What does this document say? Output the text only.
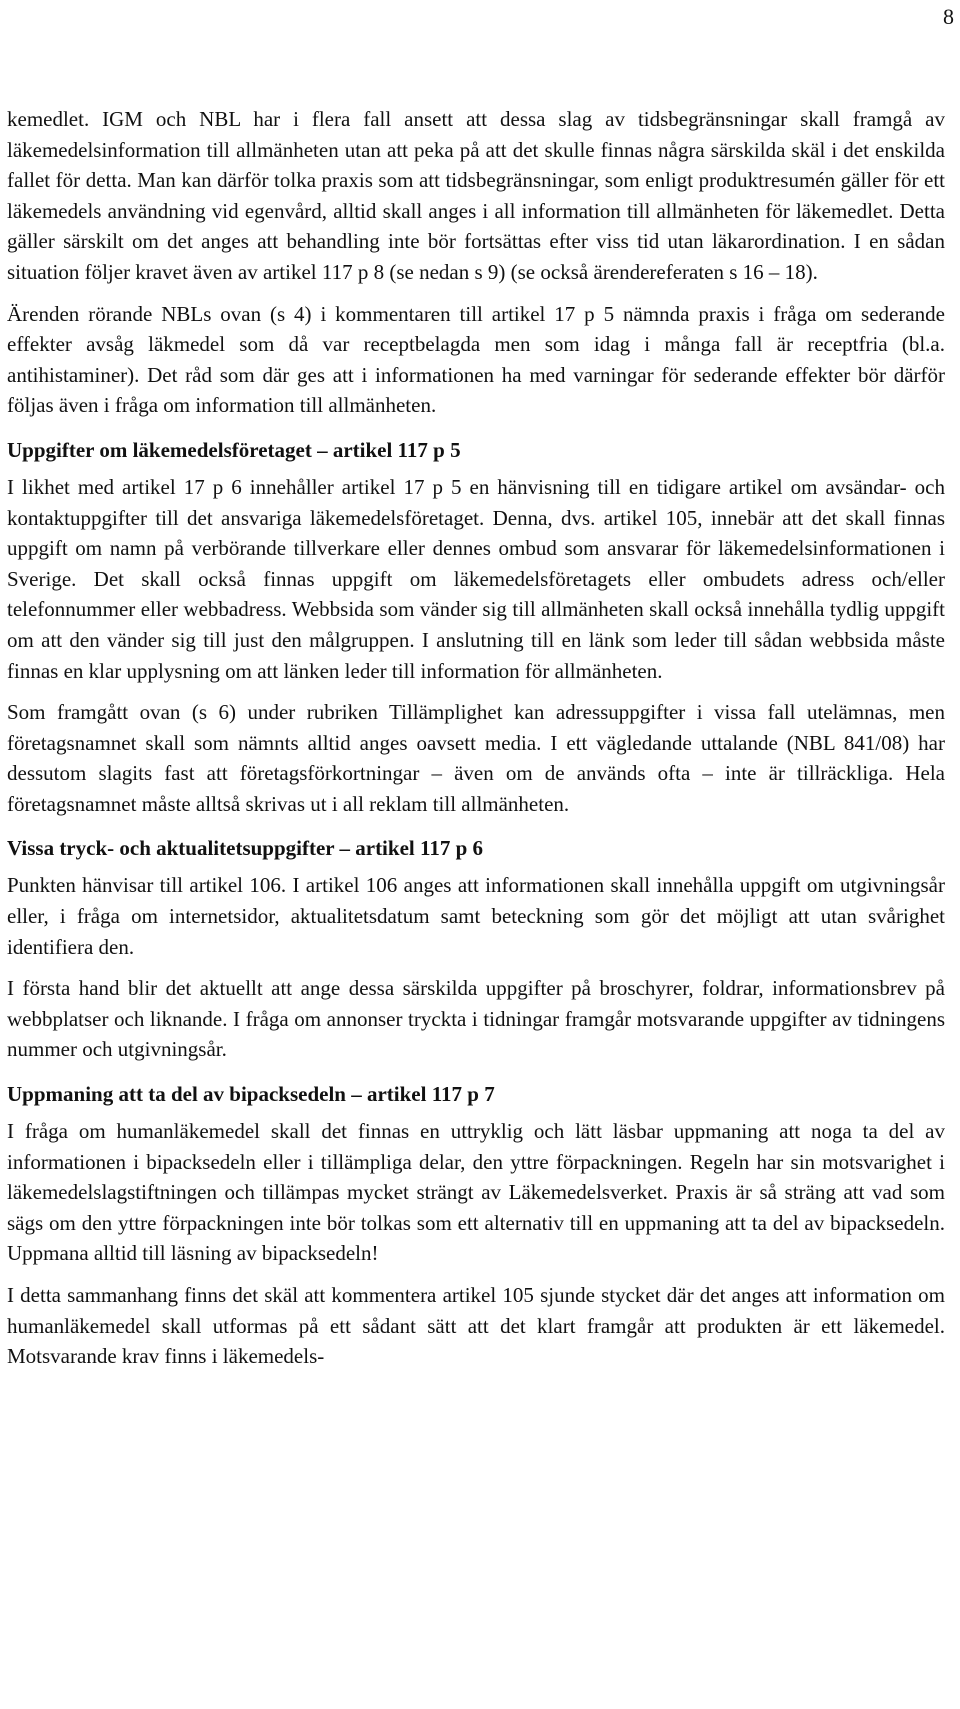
8

kemedlet. IGM och NBL har i flera fall ansett att dessa slag av tidsbegränsningar skall framgå av läkemedelsinformation till allmänheten utan att peka på att det skulle finnas några särskilda skäl i det enskilda fallet för detta. Man kan därför tolka praxis som att tidsbegränsningar, som enligt produktresumén gäller för ett läkemedels användning vid egenvård, alltid skall anges i all information till allmänheten för läkemedlet. Detta gäller särskilt om det anges att behandling inte bör fortsättas efter viss tid utan läkarordination. I en sådan situation följer kravet även av artikel 117 p 8 (se nedan s 9) (se också ärendereferaten s 16 – 18).

Ärenden rörande NBLs ovan (s 4) i kommentaren till artikel 17 p 5 nämnda praxis i fråga om sederande effekter avsåg läkmedel som då var receptbelagda men som idag i många fall är receptfria (bl.a. antihistaminer). Det råd som där ges att i informationen ha med varningar för sederande effekter bör därför följas även i fråga om information till allmänheten.

Uppgifter om läkemedelsföretaget – artikel 117 p 5

I likhet med artikel 17 p 6 innehåller artikel 17 p 5 en hänvisning till en tidigare artikel om avsändar- och kontaktuppgifter till det ansvariga läkemedelsföretaget. Denna, dvs. artikel 105, innebär att det skall finnas uppgift om namn på verbörande tillverkare eller dennes ombud som ansvarar för läkemedelsinformationen i Sverige. Det skall också finnas uppgift om läkemedelsföretagets eller ombudets adress och/eller telefonnummer eller webbadress. Webbsida som vänder sig till allmänheten skall också innehålla tydlig uppgift om att den vänder sig till just den målgruppen. I anslutning till en länk som leder till sådan webbsida måste finnas en klar upplysning om att länken leder till information för allmänheten.

Som framgått ovan (s 6) under rubriken Tillämplighet kan adressuppgifter i vissa fall utelämnas, men företagsnamnet skall som nämnts alltid anges oavsett media. I ett vägledande uttalande (NBL 841/08) har dessutom slagits fast att företagsförkortningar – även om de används ofta – inte är tillräckliga. Hela företagsnamnet måste alltså skrivas ut i all reklam till allmänheten.

Vissa tryck- och aktualitetsuppgifter – artikel 117 p 6

Punkten hänvisar till artikel 106. I artikel 106 anges att informationen skall innehålla uppgift om utgivningsår eller, i fråga om internetsidor, aktualitetsdatum samt beteckning som gör det möjligt att utan svårighet identifiera den.

I första hand blir det aktuellt att ange dessa särskilda uppgifter på broschyrer, foldrar, informationsbrev på webbplatser och liknande. I fråga om annonser tryckta i tidningar framgår motsvarande uppgifter av tidningens nummer och utgivningsår.

Uppmaning att ta del av bipacksedeln – artikel 117 p 7

I fråga om humanläkemedel skall det finnas en uttryklig och lätt läsbar uppmaning att noga ta del av informationen i bipacksedeln eller i tillämpliga delar, den yttre förpackningen. Regeln har sin motsvarighet i läkemedelslagstiftningen och tillämpas mycket strängt av Läkemedelsverket. Praxis är så sträng att vad som sägs om den yttre förpackningen inte bör tolkas som ett alternativ till en uppmaning att ta del av bipacksedeln. Uppmana alltid till läsning av bipacksedeln!

I detta sammanhang finns det skäl att kommentera artikel 105 sjunde stycket där det anges att information om humanläkemedel skall utformas på ett sådant sätt att det klart framgår att produkten är ett läkemedel. Motsvarande krav finns i läkemedels-
